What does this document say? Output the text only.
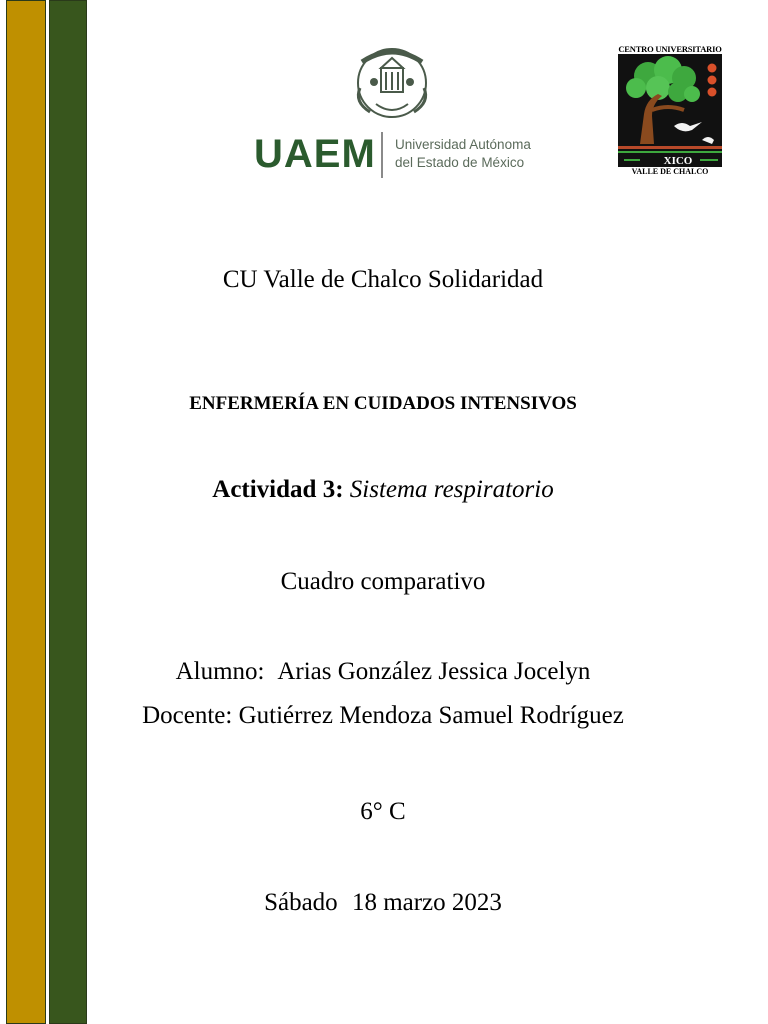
UAEM Universidad Autónoma
del Estado de México
CENTRO UNIVERSITARIO
XICO
VALLE DE CHALCO
CU Valle de Chalco Solidaridad
ENFERMERÍA EN CUIDADOS INTENSIVOS
Actividad 3: Sistema respiratorio
Cuadro comparativo
Alumno: Arias González Jessica Jocelyn
Docente: Gutiérrez Mendoza Samuel Rodríguez
6° C
Sábado 18 marzo 2023
